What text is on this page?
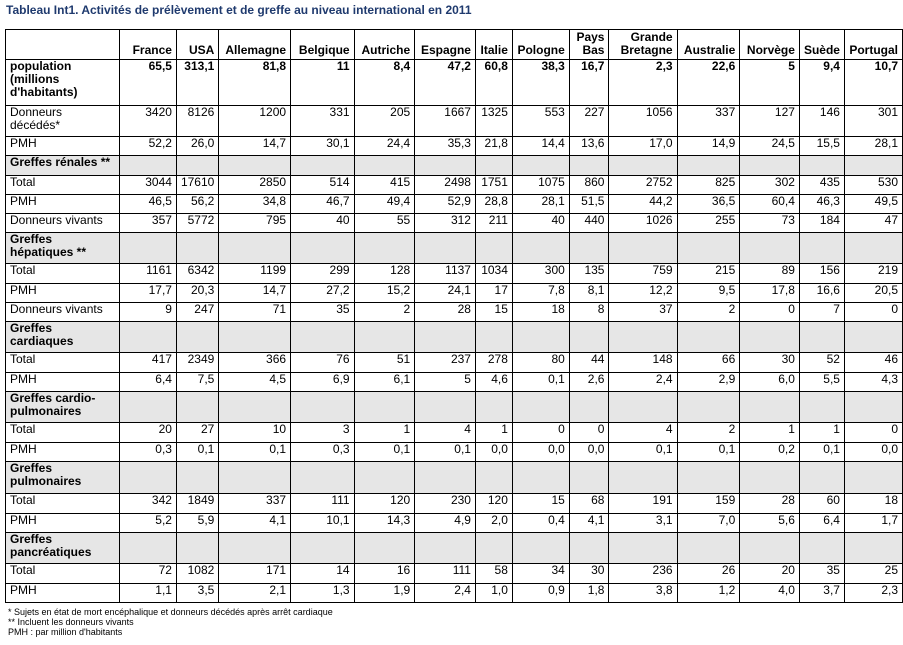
Tableau Int1. Activités de prélèvement et de greffe au niveau international en 2011
	France	USA	Allemagne	Belgique	Autriche	Espagne	Italie	Pologne	Pays Bas	Grande Bretagne	Australie	Norvège	Suède	Portugal
population (millions d'habitants)	65,5	313,1	81,8	11	8,4	47,2	60,8	38,3	16,7	2,3	22,6	5	9,4	10,7
Donneurs décédés*	3420	8126	1200	331	205	1667	1325	553	227	1056	337	127	146	301
PMH	52,2	26,0	14,7	30,1	24,4	35,3	21,8	14,4	13,6	17,0	14,9	24,5	15,5	28,1
Greffes rénales **														
Total	3044	17610	2850	514	415	2498	1751	1075	860	2752	825	302	435	530
PMH	46,5	56,2	34,8	46,7	49,4	52,9	28,8	28,1	51,5	44,2	36,5	60,4	46,3	49,5
Donneurs vivants	357	5772	795	40	55	312	211	40	440	1026	255	73	184	47
Greffes hépatiques **														
Total	1161	6342	1199	299	128	1137	1034	300	135	759	215	89	156	219
PMH	17,7	20,3	14,7	27,2	15,2	24,1	17	7,8	8,1	12,2	9,5	17,8	16,6	20,5
Donneurs vivants	9	247	71	35	2	28	15	18	8	37	2	0	7	0
Greffes cardiaques														
Total	417	2349	366	76	51	237	278	80	44	148	66	30	52	46
PMH	6,4	7,5	4,5	6,9	6,1	5	4,6	0,1	2,6	2,4	2,9	6,0	5,5	4,3
Greffes cardio-pulmonaires														
Total	20	27	10	3	1	4	1	0	0	4	2	1	1	0
PMH	0,3	0,1	0,1	0,3	0,1	0,1	0,0	0,0	0,0	0,1	0,1	0,2	0,1	0,0
Greffes pulmonaires														
Total	342	1849	337	111	120	230	120	15	68	191	159	28	60	18
PMH	5,2	5,9	4,1	10,1	14,3	4,9	2,0	0,4	4,1	3,1	7,0	5,6	6,4	1,7
Greffes pancréatiques														
Total	72	1082	171	14	16	111	58	34	30	236	26	20	35	25
PMH	1,1	3,5	2,1	1,3	1,9	2,4	1,0	0,9	1,8	3,8	1,2	4,0	3,7	2,3
* Sujets en état de mort encéphalique et donneurs décédés après arrêt cardiaque
** Incluent les donneurs vivants
PMH : par million d'habitants
